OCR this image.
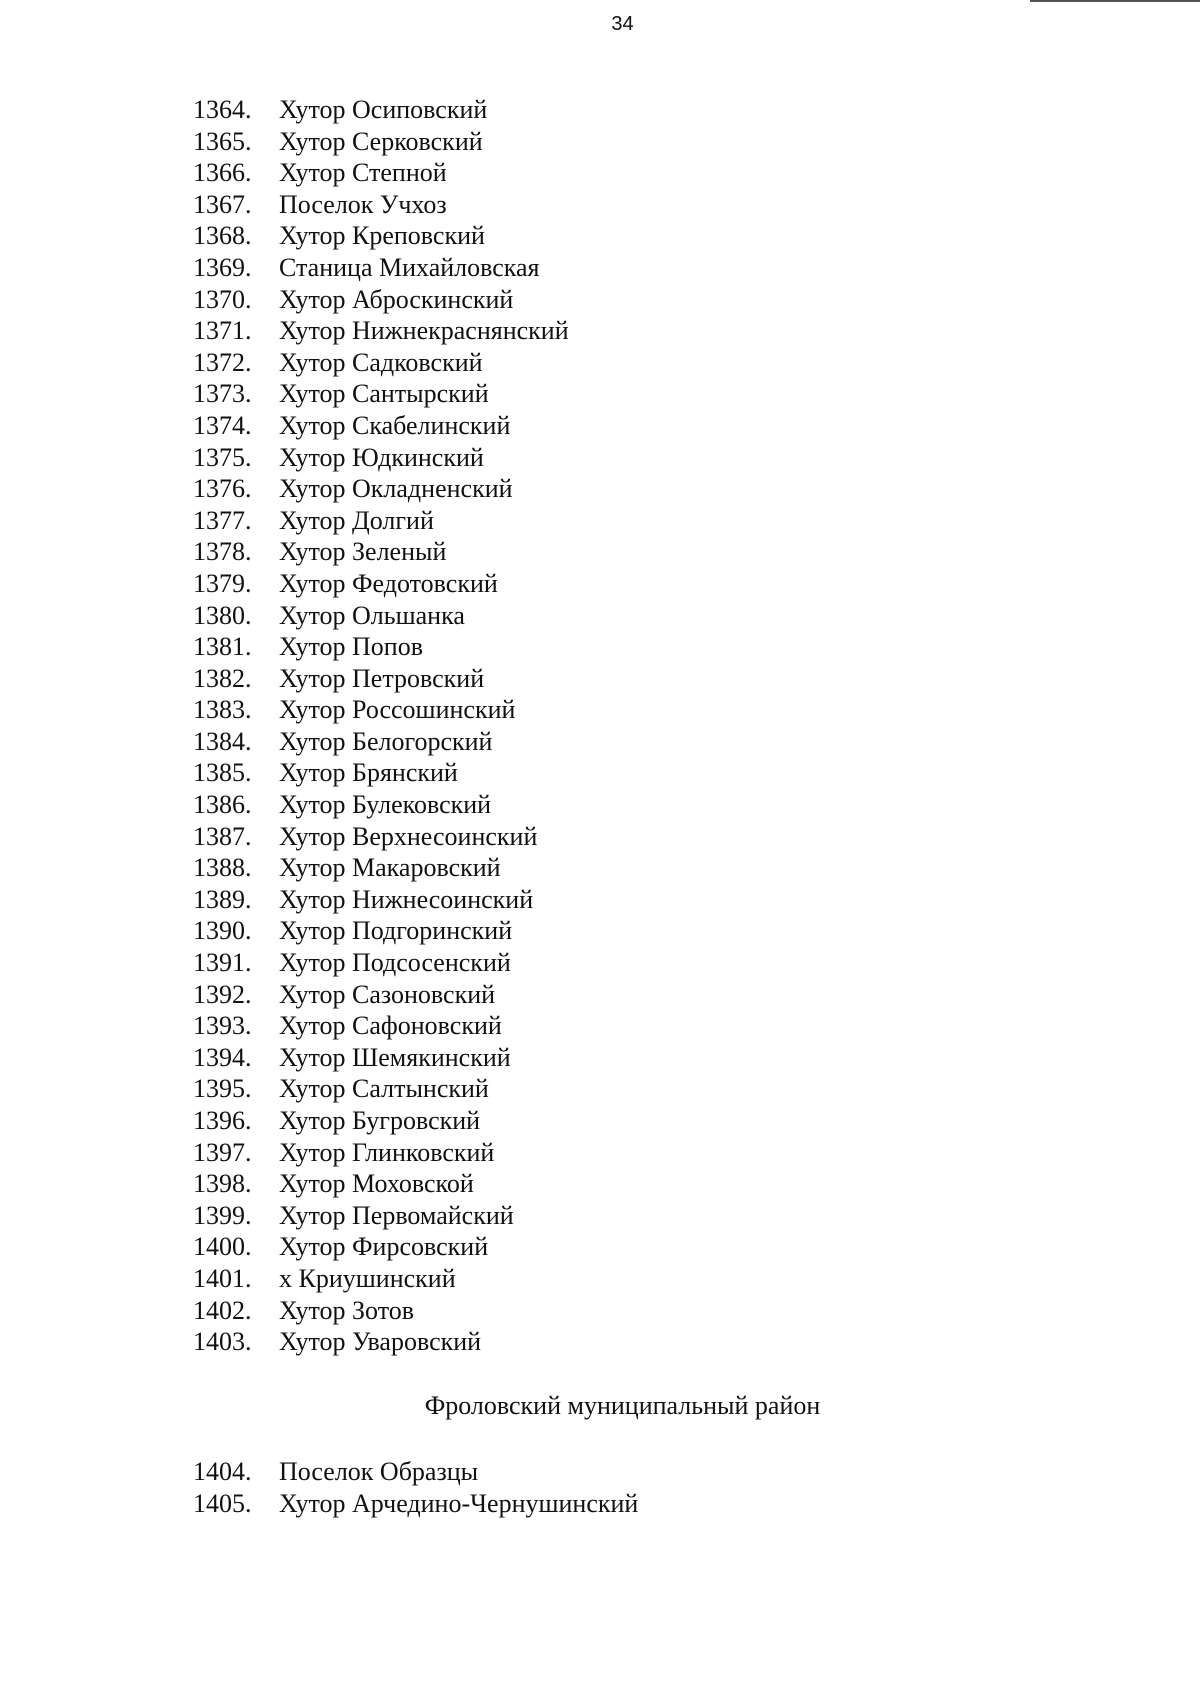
34
1364.	Хутор Осиповский
1365.	Хутор Серковский
1366.	Хутор Степной
1367.	Поселок Учхоз
1368.	Хутор Креповский
1369.	Станица Михайловская
1370.	Хутор Аброскинский
1371.	Хутор Нижнекраснянский
1372.	Хутор Садковский
1373.	Хутор Сантырский
1374.	Хутор Скабелинский
1375.	Хутор Юдкинский
1376.	Хутор Окладненский
1377.	Хутор Долгий
1378.	Хутор Зеленый
1379.	Хутор Федотовский
1380.	Хутор Ольшанка
1381.	Хутор Попов
1382.	Хутор Петровский
1383.	Хутор Россошинский
1384.	Хутор Белогорский
1385.	Хутор Брянский
1386.	Хутор Булековский
1387.	Хутор Верхнесоинский
1388.	Хутор Макаровский
1389.	Хутор Нижнесоинский
1390.	Хутор Подгоринский
1391.	Хутор Подсосенский
1392.	Хутор Сазоновский
1393.	Хутор Сафоновский
1394.	Хутор Шемякинский
1395.	Хутор Салтынский
1396.	Хутор Бугровский
1397.	Хутор Глинковский
1398.	Хутор Моховской
1399.	Хутор Первомайский
1400.	Хутор Фирсовский
1401.	х Криушинский
1402.	Хутор Зотов
1403.	Хутор Уваровский
Фроловский муниципальный район
1404.	Поселок Образцы
1405.	Хутор Арчедино-Чернушинский
